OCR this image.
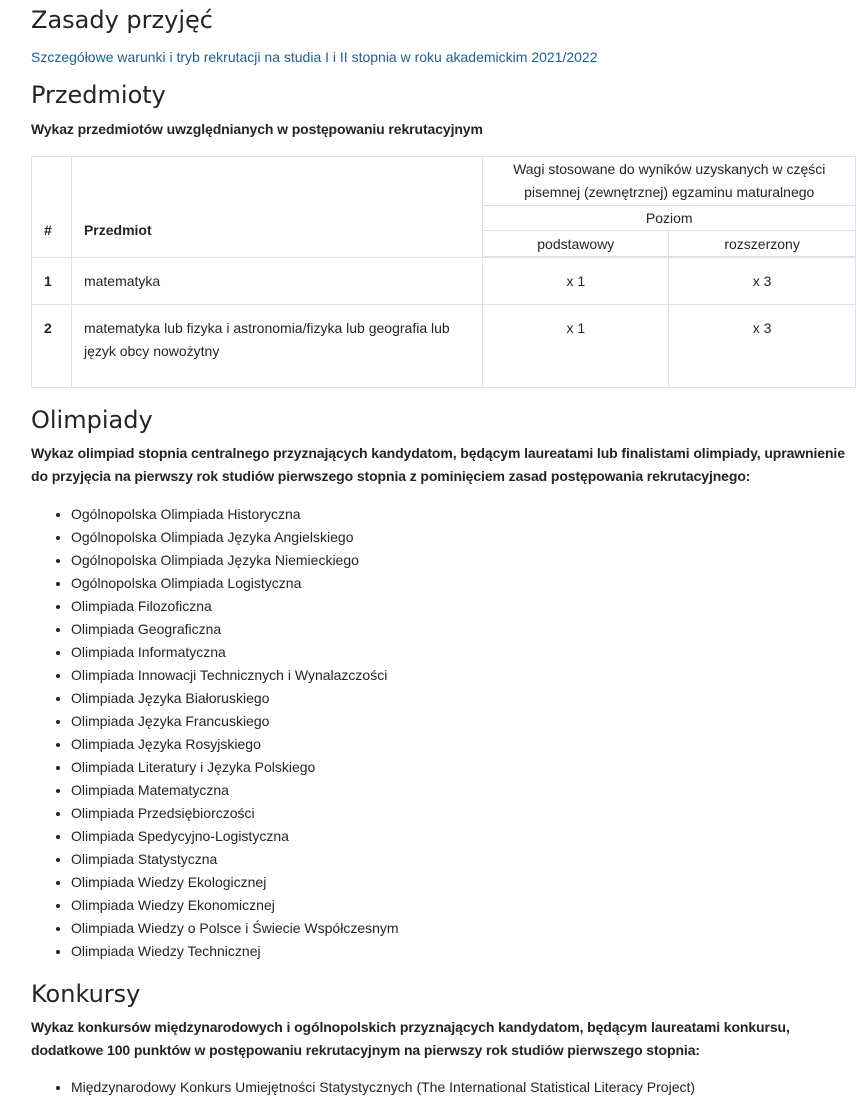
Zasady przyjęć
Szczegółowe warunki i tryb rekrutacji na studia I i II stopnia w roku akademickim 2021/2022
Przedmioty

Wykaz przedmiotów uwzględnianych w postępowaniu rekrutacyjnym

#	Przedmiot	Wagi stosowane do wyników uzyskanych w części pisemnej (zewnętrznej) egzaminu maturalnego	
		Poziom	
		podstawowy	rozszerzony
1	matematyka	x 1	x 3
2	matematyka lub fizyka i astronomia/fizyka lub geografia lub język obcy nowożytny	x 1	x 3
Olimpiady

Wykaz olimpiad stopnia centralnego przyznających kandydatom, będącym laureatami lub finalistami olimpiady, uprawnienie do przyjęcia na pierwszy rok studiów pierwszego stopnia z pominięciem zasad postępowania rekrutacyjnego:

• Ogólnopolska Olimpiada Historyczna
• Ogólnopolska Olimpiada Języka Angielskiego
• Ogólnopolska Olimpiada Języka Niemieckiego
• Ogólnopolska Olimpiada Logistyczna
• Olimpiada Filozoficzna
• Olimpiada Geograficzna
• Olimpiada Informatyczna
• Olimpiada Innowacji Technicznych i Wynalazczości
• Olimpiada Języka Białoruskiego
• Olimpiada Języka Francuskiego
• Olimpiada Języka Rosyjskiego
• Olimpiada Literatury i Języka Polskiego
• Olimpiada Matematyczna
• Olimpiada Przedsiębiorczości
• Olimpiada Spedycyjno-Logistyczna
• Olimpiada Statystyczna
• Olimpiada Wiedzy Ekologicznej
• Olimpiada Wiedzy Ekonomicznej
• Olimpiada Wiedzy o Polsce i Świecie Współczesnym
• Olimpiada Wiedzy Technicznej
Konkursy

Wykaz konkursów międzynarodowych i ogólnopolskich przyznających kandydatom, będącym laureatami konkursu, dodatkowe 100 punktów w postępowaniu rekrutacyjnym na pierwszy rok studiów pierwszego stopnia:

• Międzynarodowy Konkurs Umiejętności Statystycznych (The International Statistical Literacy Project)
